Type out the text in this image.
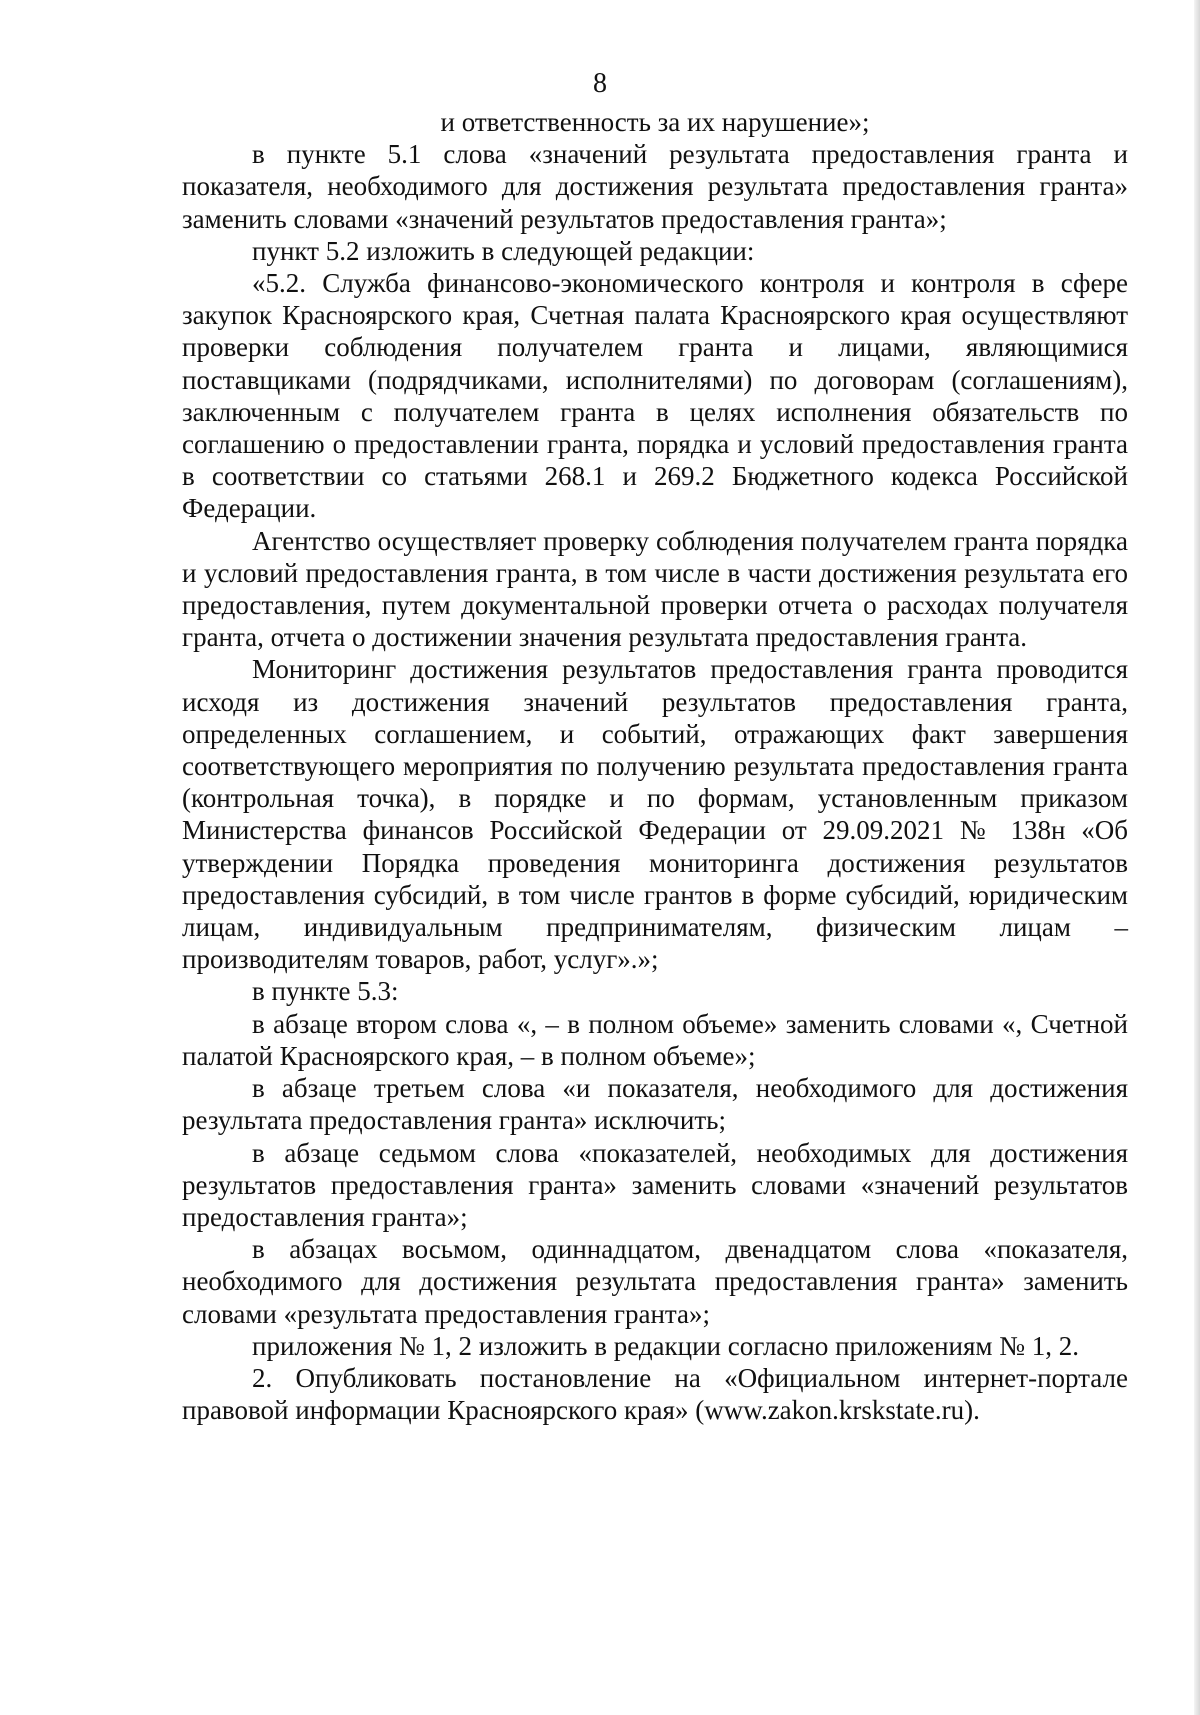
8

и ответственность за их нарушение»;

в пункте 5.1 слова «значений результата предоставления гранта и показателя, необходимого для достижения результата предоставления гранта» заменить словами «значений результатов предоставления гранта»;

пункт 5.2 изложить в следующей редакции:

«5.2. Служба финансово-экономического контроля и контроля в сфере закупок Красноярского края, Счетная палата Красноярского края осуществляют проверки соблюдения получателем гранта и лицами, являющимися поставщиками (подрядчиками, исполнителями) по договорам (соглашениям), заключенным с получателем гранта в целях исполнения обязательств по соглашению о предоставлении гранта, порядка и условий предоставления гранта в соответствии со статьями 268.1 и 269.2 Бюджетного кодекса Российской Федерации.

Агентство осуществляет проверку соблюдения получателем гранта порядка и условий предоставления гранта, в том числе в части достижения результата его предоставления, путем документальной проверки отчета о расходах получателя гранта, отчета о достижении значения результата предоставления гранта.

Мониторинг достижения результатов предоставления гранта проводится исходя из достижения значений результатов предоставления гранта, определенных соглашением, и событий, отражающих факт завершения соответствующего мероприятия по получению результата предоставления гранта (контрольная точка), в порядке и по формам, установленным приказом Министерства финансов Российской Федерации от 29.09.2021 № 138н «Об утверждении Порядка проведения мониторинга достижения результатов предоставления субсидий, в том числе грантов в форме субсидий, юридическим лицам, индивидуальным предпринимателям, физическим лицам – производителям товаров, работ, услуг».»;

в пункте 5.3:

в абзаце втором слова «, – в полном объеме» заменить словами «, Счетной палатой Красноярского края, – в полном объеме»;

в абзаце третьем слова «и показателя, необходимого для достижения результата предоставления гранта» исключить;

в абзаце седьмом слова «показателей, необходимых для достижения результатов предоставления гранта» заменить словами «значений результатов предоставления гранта»;

в абзацах восьмом, одиннадцатом, двенадцатом слова «показателя, необходимого для достижения результата предоставления гранта» заменить словами «результата предоставления гранта»;

приложения № 1, 2 изложить в редакции согласно приложениям № 1, 2.

2. Опубликовать постановление на «Официальном интернет-портале правовой информации Красноярского края» (www.zakon.krskstate.ru).
